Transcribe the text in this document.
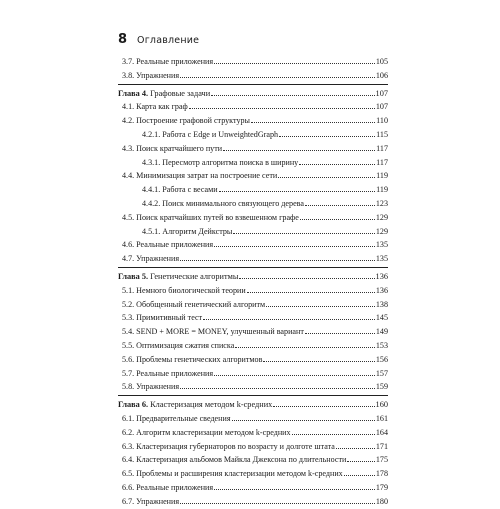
8 Оглавление
3.7. Реальные приложения	105
3.8. Упражнения	106
Глава 4. Графовые задачи	107
4.1. Карта как граф	107
4.2. Построение графовой структуры	110
4.2.1. Работа с Edge и UnweightedGraph	115
4.3. Поиск кратчайшего пути	117
4.3.1. Пересмотр алгоритма поиска в ширину	117
4.4. Минимизация затрат на построение сети	119
4.4.1. Работа с весами	119
4.4.2. Поиск минимального связующего дерева	123
4.5. Поиск кратчайших путей во взвешенном графе	129
4.5.1. Алгоритм Дейкстры	129
4.6. Реальные приложения	135
4.7. Упражнения	135
Глава 5. Генетические алгоритмы	136
5.1. Немного биологической теории	136
5.2. Обобщенный генетический алгоритм	138
5.3. Примитивный тест	145
5.4. SEND + MORE = MONEY, улучшенный вариант	149
5.5. Оптимизация сжатия списка	153
5.6. Проблемы генетических алгоритмов	156
5.7. Реальные приложения	157
5.8. Упражнения	159
Глава 6. Кластеризация методом k-средних	160
6.1. Предварительные сведения	161
6.2. Алгоритм кластеризации методом k-средних	164
6.3. Кластеризация губернаторов по возрасту и долготе штата	171
6.4. Кластеризация альбомов Майкла Джексона по длительности	175
6.5. Проблемы и расширения кластеризации методом k-средних	178
6.6. Реальные приложения	179
6.7. Упражнения	180
